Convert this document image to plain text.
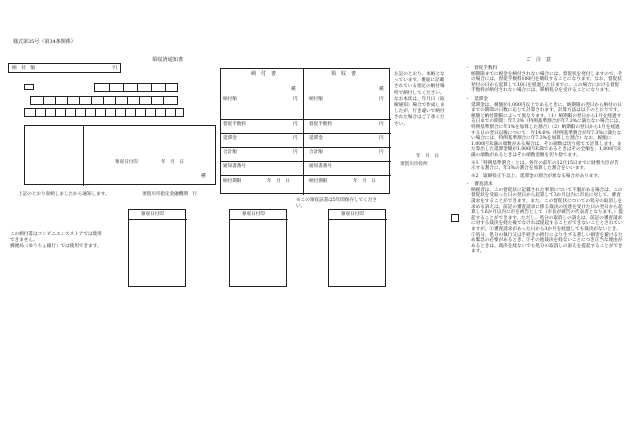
様式第35号（第34条関係）
領収済通知書
納　付　額	円
領収日付印	年　月　日
種
上記のとおり収納しましたから通知します。	須賀川市指定金融機関　行
領収日付印	領収日付印	領収日付印
この納付書はコンビニエンスストアでは使用できません。
郵便局（ゆうちょ銀行）では使用できます。
納　付　書	領　収　書
種	種
納付額	円 納付額	円
督促手数料	円 督促手数料	円
延滞金	円 延滞金	円
合計額	円 合計額	円
通知書番号	通知書番号
納付期限	年　月　日	納付期限	年　月　日
※この領収証書は5年間保存してください。
左記のとおり、本納となっています。裏面に記載されている指定の納付場所で納付してください。なお本状は、年月日（取締通知）場合で作成しましたが、行き違いで納付された場合はご了承ください。
年　月　日
須賀川市役所
ご　注　意
・　督促手数料
納期限までに税金を納付されない場合には、督促状を発付しますので、その場合には、督促手数料100円を徴収することになります。なお、督促状発付の日から起算して10日を経過した日までに、この場合における督促手数料が納付されない場合には、滞納処分を受けることになります。
・　延滞金
延滞金は、税額が1,000円以上であるときに、納期限の翌日から納付の日までの期間の日数に応じて計算されます。計算方法は以下のとおりです。税額と納付期限によって異なります。（1）納期限の翌日から1月を経過する日までの期間：年7.3%（特例基準割合が年7.3%に満たない場合には、特例基準割合に年1%を加算した割合）（2）納期限の翌日から1月を経過する日の翌日以後について：年14.6%（特例基準割合が年7.3%に満たない場合には、特例基準割合に年7.3%を加算した割合）なお、税額に1,000円未満の端数がある場合は、その端数は切り捨てて計算します。また算出した延滞金額が1,000円未満であるときはその全額を、1,000円未満の端数があるときはその端数金額を切り捨てます。
※1「特例基準割合」とは、各年の前年の12月15日までに財務大臣が告示する割合に、年1%の割合を加算した割合をいいます。
※2　取締役正午以上、延滞金の割合が異なる場合があります。
・　審査請求
納税者は、この督促状に記載された事項について不服がある場合は、この督促状を受取った日の翌日から起算して3か月以内に市長に対して、審査請求をすることができます。また、この督促状についての処分の取消しを求める訴えは、前記の審査請求に係る裁決の送達を受けた日の翌日から起算して6か月以内に市を被告として（市長が被告の代表者となります。）提起することができます。ただし、処分の取消しの訴えは、前記の審査請求に対する裁決を経た後でなければ提起することができないこととされていますが、①審査請求があった日から3か月を経過しても裁決がないとき、②処分、処分の執行又は手続きの続行により生ずる著しい損害を避けるため緊急の必要があるとき、③その他裁決を経ないことにつき正当な理由があるときは、裁決を経ないでも処分の取消しの訴えを提起することができます。
